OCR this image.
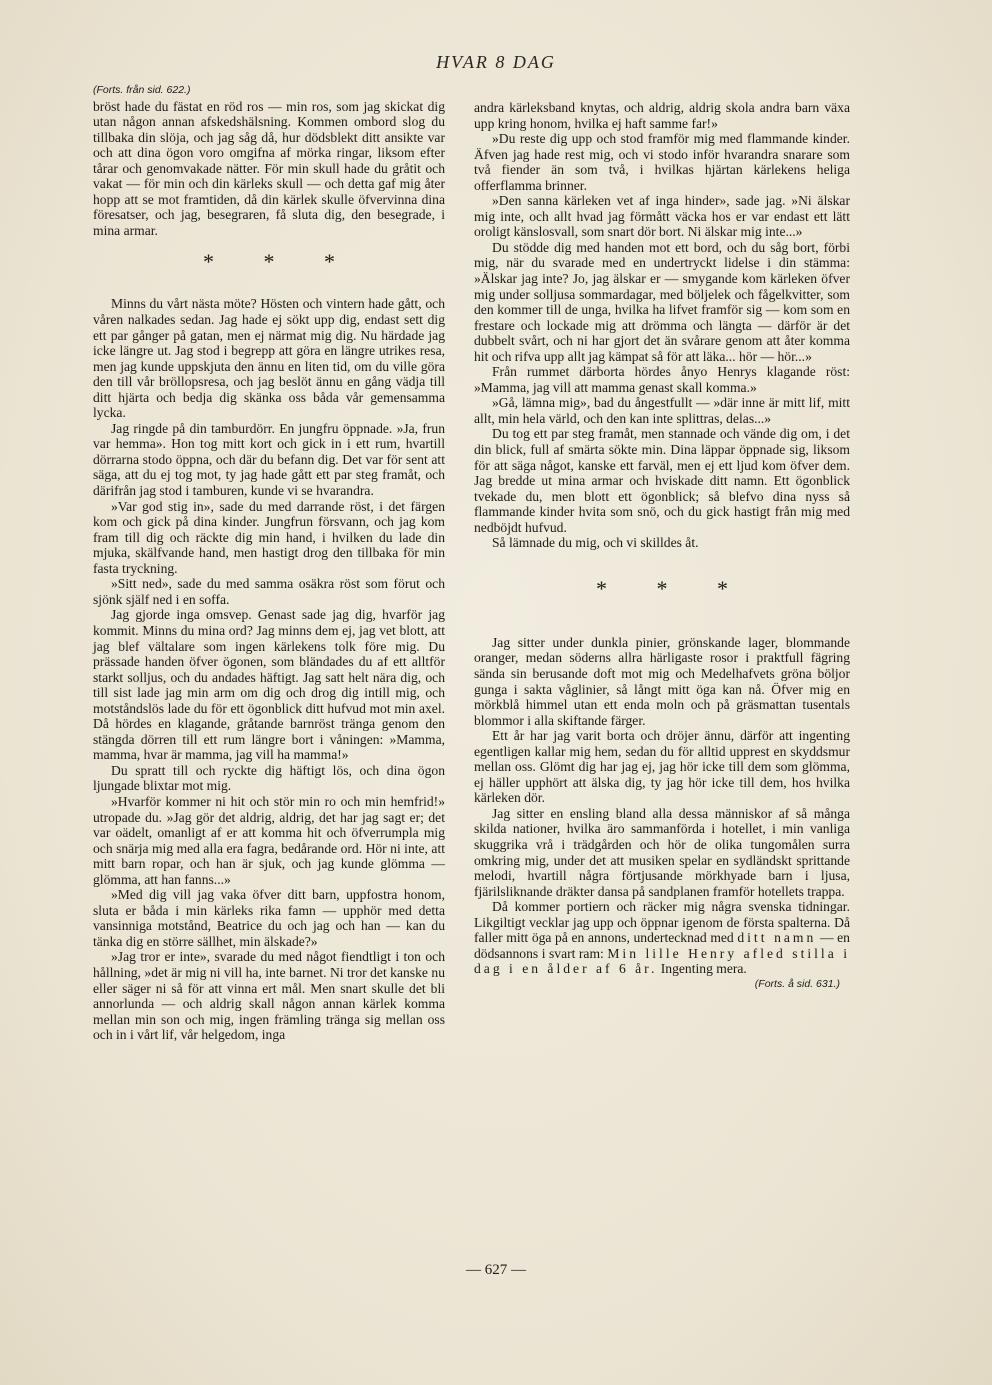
HVAR 8 DAG

(Forts. från sid. 622.)

bröst hade du fästat en röd ros — min ros, som jag skickat dig utan någon annan afskedshälsning. Kommen ombord slog du tillbaka din slöja, och jag såg då, hur dödsblekt ditt ansikte var och att dina ögon voro omgifna af mörka ringar, liksom efter tårar och genomvakade nätter. För min skull hade du gråtit och vakat — för min och din kärleks skull — och detta gaf mig åter hopp att se mot framtiden, då din kärlek skulle öfvervinna dina föresatser, och jag, besegraren, få sluta dig, den besegrade, i mina armar.

* * *

Minns du vårt nästa möte? Hösten och vintern hade gått, och våren nalkades sedan. Jag hade ej sökt upp dig, endast sett dig ett par gånger på gatan, men ej närmat mig dig. Nu härdade jag icke längre ut. Jag stod i begrepp att göra en längre utrikes resa, men jag kunde uppskjuta den ännu en liten tid, om du ville göra den till vår bröllopsresa, och jag beslöt ännu en gång vädja till ditt hjärta och bedja dig skänka oss båda vår gemensamma lycka.

Jag ringde på din tamburdörr. En jungfru öppnade. »Ja, frun var hemma». Hon tog mitt kort och gick in i ett rum, hvartill dörrarna stodo öppna, och där du befann dig. Det var för sent att säga, att du ej tog mot, ty jag hade gått ett par steg framåt, och därifrån jag stod i tamburen, kunde vi se hvarandra.

»Var god stig in», sade du med darrande röst, i det färgen kom och gick på dina kinder. Jungfrun försvann, och jag kom fram till dig och räckte dig min hand, i hvilken du lade din mjuka, skälfvande hand, men hastigt drog den tillbaka för min fasta tryckning.

»Sitt ned», sade du med samma osäkra röst som förut och sjönk själf ned i en soffa.

Jag gjorde inga omsvep. Genast sade jag dig, hvarför jag kommit. Minns du mina ord? Jag minns dem ej, jag vet blott, att jag blef vältalare som ingen kärlekens tolk före mig. Du prässade handen öfver ögonen, som bländades du af ett alltför starkt solljus, och du andades häftigt. Jag satt helt nära dig, och till sist lade jag min arm om dig och drog dig intill mig, och motståndslös lade du för ett ögonblick ditt hufvud mot min axel. Då hördes en klagande, gråtande barnröst tränga genom den stängda dörren till ett rum längre bort i våningen: »Mamma, mamma, hvar är mamma, jag vill ha mamma!»

Du spratt till och ryckte dig häftigt lös, och dina ögon ljungade blixtar mot mig.

»Hvarför kommer ni hit och stör min ro och min hemfrid!» utropade du. »Jag gör det aldrig, aldrig, det har jag sagt er; det var oädelt, omanligt af er att komma hit och öfverrumpla mig och snärja mig med alla era fagra, bedårande ord. Hör ni inte, att mitt barn ropar, och han är sjuk, och jag kunde glömma — glömma, att han fanns...»

»Med dig vill jag vaka öfver ditt barn, uppfostra honom, sluta er båda i min kärleks rika famn — upphör med detta vansinniga motstånd, Beatrice du och jag och han — kan du tänka dig en större sällhet, min älskade?»

»Jag tror er inte», svarade du med något fiendtligt i ton och hållning, »det är mig ni vill ha, inte barnet. Ni tror det kanske nu eller säger ni så för att vinna ert mål. Men snart skulle det bli annorlunda — och aldrig skall någon annan kärlek komma mellan min son och mig, ingen främling tränga sig mellan oss och in i vårt lif, vår helgedom, inga

andra kärleksband knytas, och aldrig, aldrig skola andra barn växa upp kring honom, hvilka ej haft samme far!»

»Du reste dig upp och stod framför mig med flammande kinder. Äfven jag hade rest mig, och vi stodo inför hvarandra snarare som två fiender än som två, i hvilkas hjärtan kärlekens heliga offerflamma brinner.

»Den sanna kärleken vet af inga hinder», sade jag. »Ni älskar mig inte, och allt hvad jag förmått väcka hos er var endast ett lätt oroligt känslosvall, som snart dör bort. Ni älskar mig inte...»

Du stödde dig med handen mot ett bord, och du såg bort, förbi mig, när du svarade med en undertryckt lidelse i din stämma: »Älskar jag inte? Jo, jag älskar er — smygande kom kärleken öfver mig under solljusa sommardagar, med böljelek och fågelkvitter, som den kommer till de unga, hvilka ha lifvet framför sig — kom som en frestare och lockade mig att drömma och längta — därför är det dubbelt svårt, och ni har gjort det än svårare genom att åter komma hit och rifva upp allt jag kämpat så för att läka... hör — hör...»

Från rummet därborta hördes ånyo Henrys klagande röst: »Mamma, jag vill att mamma genast skall komma.»

»Gå, lämna mig», bad du ångestfullt — »där inne är mitt lif, mitt allt, min hela värld, och den kan inte splittras, delas...»

Du tog ett par steg framåt, men stannade och vände dig om, i det din blick, full af smärta sökte min. Dina läppar öppnade sig, liksom för att säga något, kanske ett farväl, men ej ett ljud kom öfver dem. Jag bredde ut mina armar och hviskade ditt namn. Ett ögonblick tvekade du, men blott ett ögonblick; så blefvo dina nyss så flammande kinder hvita som snö, och du gick hastigt från mig med nedböjdt hufvud.

Så lämnade du mig, och vi skilldes åt.

* * *

Jag sitter under dunkla pinier, grönskande lager, blommande oranger, medan söderns allra härligaste rosor i praktfull fägring sända sin berusande doft mot mig och Medelhafvets gröna böljor gunga i sakta våglinier, så långt mitt öga kan nå. Öfver mig en mörkblå himmel utan ett enda moln och på gräsmattan tusentals blommor i alla skiftande färger.

Ett år har jag varit borta och dröjer ännu, därför att ingenting egentligen kallar mig hem, sedan du för alltid upprest en skyddsmur mellan oss. Glömt dig har jag ej, jag hör icke till dem som glömma, ej häller upphört att älska dig, ty jag hör icke till dem, hos hvilka kärleken dör.

Jag sitter en ensling bland alla dessa människor af så många skilda nationer, hvilka äro sammanförda i hotellet, i min vanliga skuggrika vrå i trädgården och hör de olika tungomålen surra omkring mig, under det att musiken spelar en sydländskt sprittande melodi, hvartill några förtjusande mörkhyade barn i ljusa, fjärilsliknande dräkter dansa på sandplanen framför hotellets trappa.

Då kommer portiern och räcker mig några svenska tidningar. Likgiltigt vecklar jag upp och öppnar igenom de första spalterna. Då faller mitt öga på en annons, undertecknad med ditt namn — en dödsannons i svart ram: Min lille Henry afled stilla i dag i en ålder af 6 år. Ingenting mera.

(Forts. å sid. 631.)

— 627 —
